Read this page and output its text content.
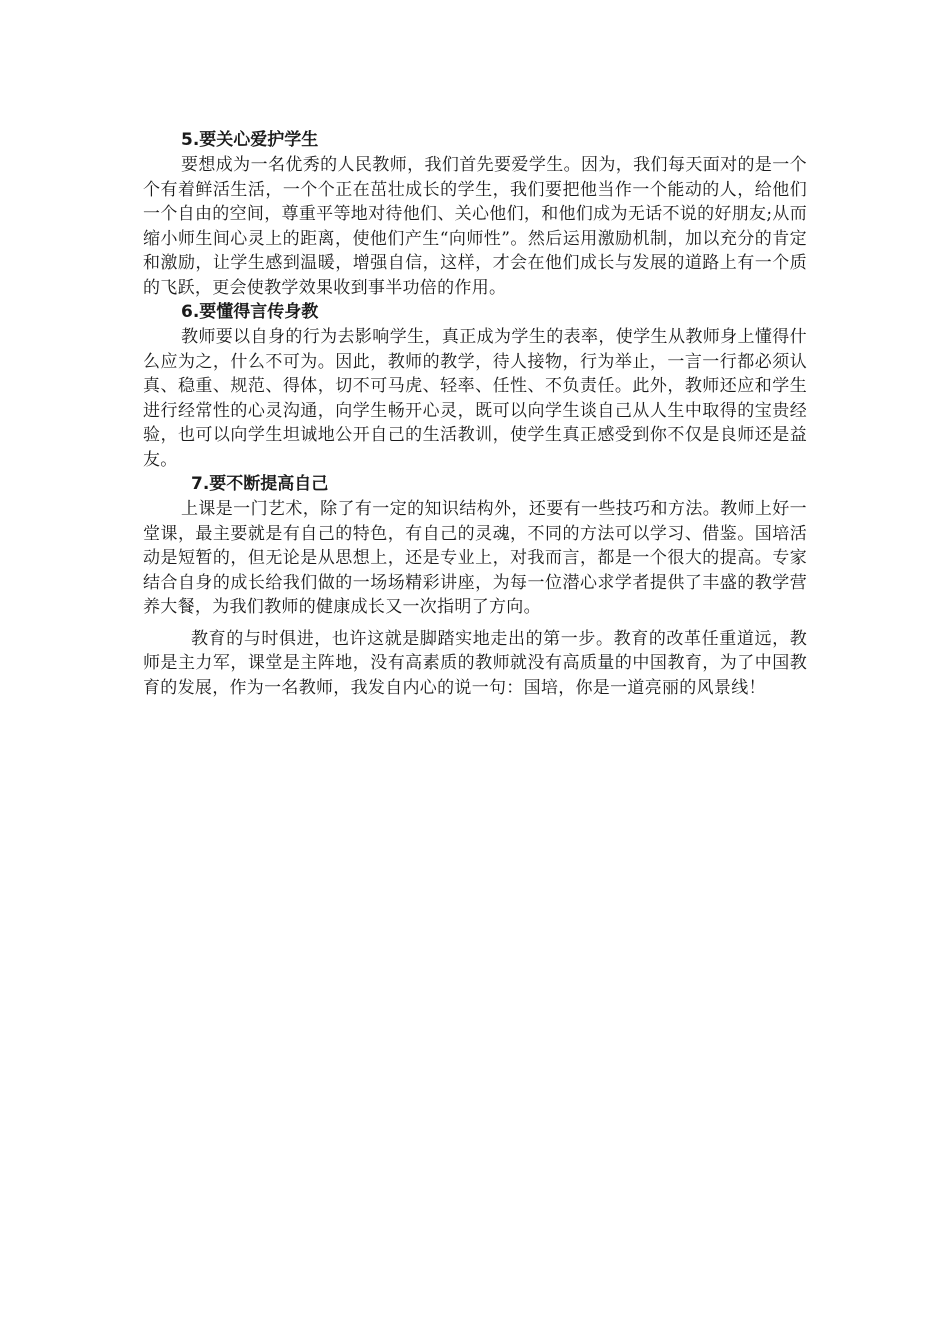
5.要关心爱护学生

要想成为一名优秀的人民教师，我们首先要爱学生。因为，我们每天面对的是一个个有着鲜活生活，一个个正在茁壮成长的学生，我们要把他当作一个能动的人，给他们一个自由的空间，尊重平等地对待他们、关心他们，和他们成为无话不说的好朋友;从而缩小师生间心灵上的距离，使他们产生“向师性”。然后运用激励机制，加以充分的肯定和激励，让学生感到温暖，增强自信，这样，才会在他们成长与发展的道路上有一个质的飞跃，更会使教学效果收到事半功倍的作用。

6.要懂得言传身教

教师要以自身的行为去影响学生，真正成为学生的表率，使学生从教师身上懂得什么应为之，什么不可为。因此，教师的教学，待人接物，行为举止，一言一行都必须认真、稳重、规范、得体，切不可马虎、轻率、任性、不负责任。此外，教师还应和学生进行经常性的心灵沟通，向学生畅开心灵，既可以向学生谈自己从人生中取得的宝贵经验，也可以向学生坦诚地公开自己的生活教训，使学生真正感受到你不仅是良师还是益友。

7.要不断提高自己

上课是一门艺术，除了有一定的知识结构外，还要有一些技巧和方法。教师上好一堂课，最主要就是有自己的特色，有自己的灵魂，不同的方法可以学习、借鉴。国培活动是短暂的，但无论是从思想上，还是专业上，对我而言，都是一个很大的提高。专家结合自身的成长给我们做的一场场精彩讲座，为每一位潜心求学者提供了丰盛的教学营养大餐，为我们教师的健康成长又一次指明了方向。

教育的与时俱进，也许这就是脚踏实地走出的第一步。教育的改革任重道远，教师是主力军，课堂是主阵地，没有高素质的教师就没有高质量的中国教育，为了中国教育的发展，作为一名教师，我发自内心的说一句：国培，你是一道亮丽的风景线！
